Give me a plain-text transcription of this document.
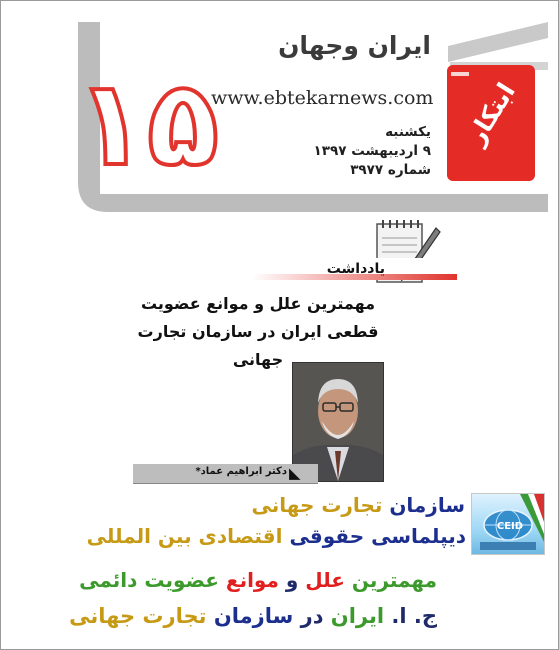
ایران وجهان
www.ebtekarnews.com
یکشنبه
۹ اردیبهشت ۱۳۹۷
شماره ۳۹۷۷
۱۵	ابتکار
یادداشت
مهمترین علل و موانع عضویت
قطعی ایران در سازمان تجارت جهانی
دکتر ابراهیم عماد* ◣
CEID
سازمان تجارت جهانی
دیپلماسی حقوقی اقتصادی بین المللی
مهمترین علل و موانع عضویت دائمی
ج. ا. ایران در سازمان تجارت جهانی
